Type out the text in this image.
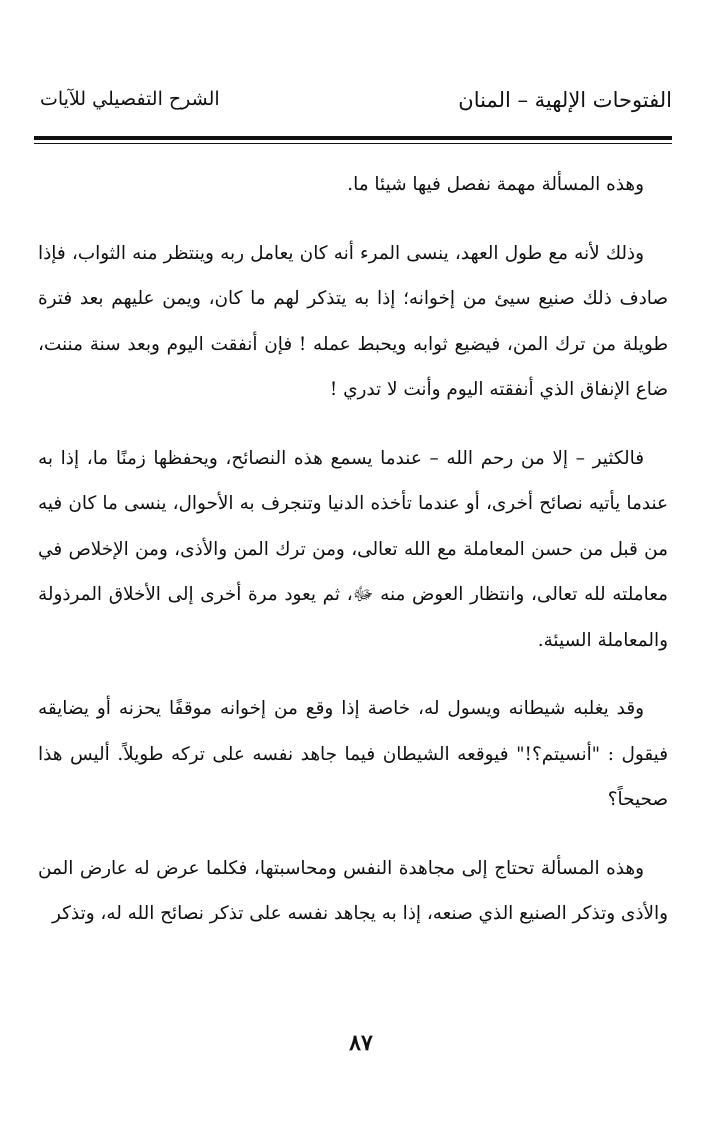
الفتوحات الإلهية – المنان
الشرح التفصيلي للآيات

وهذه المسألة مهمة نفصل فيها شيئا ما.

وذلك لأنه مع طول العهد، ينسى المرء أنه كان يعامل ربه وينتظر منه الثواب، فإذا صادف ذلك صنيع سيئ من إخوانه؛ إذا به يتذكر لهم ما كان، ويمن عليهم بعد فترة طويلة من ترك المن، فيضيع ثوابه ويحبط عمله ! فإن أنفقت اليوم وبعد سنة مننت، ضاع الإنفاق الذي أنفقته اليوم وأنت لا تدري !

فالكثير – إلا من رحم الله – عندما يسمع هذه النصائح، ويحفظها زمنًا ما، إذا به عندما يأتيه نصائح أخرى، أو عندما تأخذه الدنيا وتنجرف به الأحوال، ينسى ما كان فيه من قبل من حسن المعاملة مع الله تعالى، ومن ترك المن والأذى، ومن الإخلاص في معاملته لله تعالى، وانتظار العوض منه ﷻ، ثم يعود مرة أخرى إلى الأخلاق المرذولة والمعاملة السيئة.

وقد يغلبه شيطانه ويسول له، خاصة إذا وقع من إخوانه موقفًا يحزنه أو يضايقه فيقول : "أنسيتم؟!" فيوقعه الشيطان فيما جاهد نفسه على تركه طويلاً. أليس هذا صحيحاً؟

وهذه المسألة تحتاج إلى مجاهدة النفس ومحاسبتها، فكلما عرض له عارض المن والأذى وتذكر الصنيع الذي صنعه، إذا به يجاهد نفسه على تذكر نصائح الله له، وتذكر

٨٧
